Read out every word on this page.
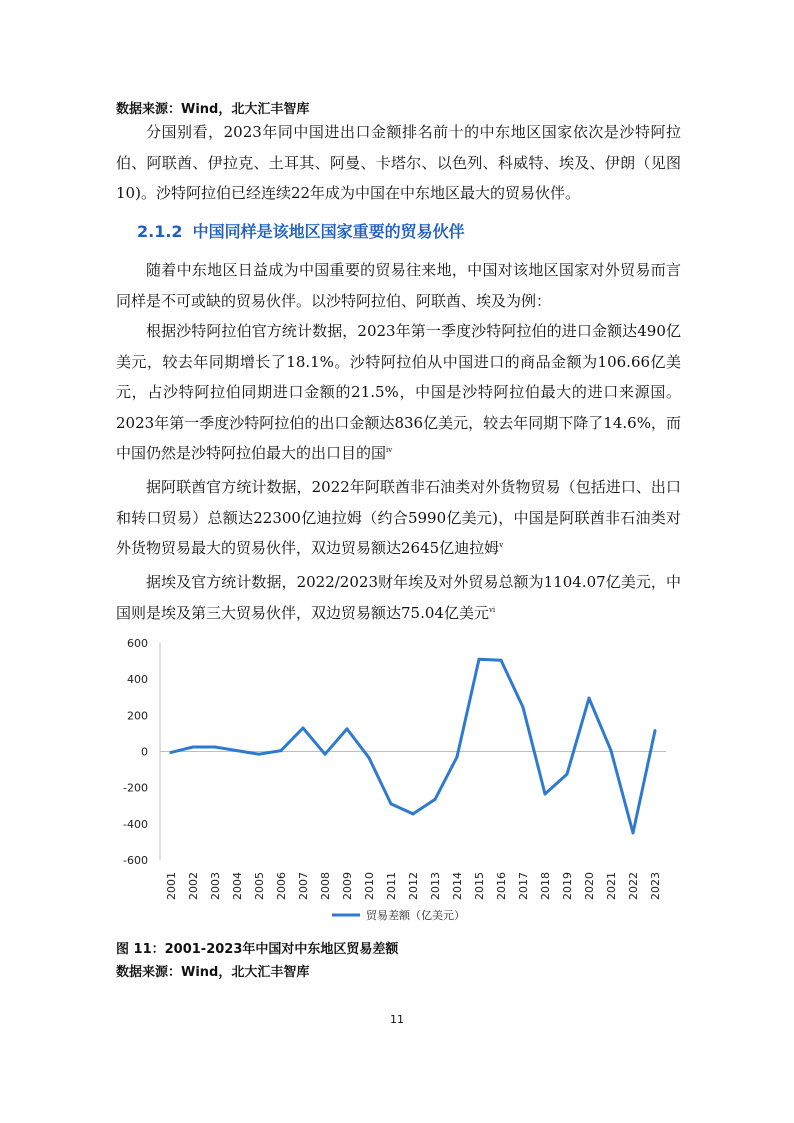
数据来源：Wind，北大汇丰智库

分国别看，2023年同中国进出口金额排名前十的中东地区国家依次是沙特阿拉伯、阿联酋、伊拉克、土耳其、阿曼、卡塔尔、以色列、科威特、埃及、伊朗（见图10)。沙特阿拉伯已经连续22年成为中国在中东地区最大的贸易伙伴。

2.1.2 中国同样是该地区国家重要的贸易伙伴

随着中东地区日益成为中国重要的贸易往来地，中国对该地区国家对外贸易而言同样是不可或缺的贸易伙伴。以沙特阿拉伯、阿联酋、埃及为例：

根据沙特阿拉伯官方统计数据，2023年第一季度沙特阿拉伯的进口金额达490亿美元，较去年同期增长了18.1%。沙特阿拉伯从中国进口的商品金额为106.66亿美元，占沙特阿拉伯同期进口金额的21.5%，中国是沙特阿拉伯最大的进口来源国。2023年第一季度沙特阿拉伯的出口金额达836亿美元，较去年同期下降了14.6%，而中国仍然是沙特阿拉伯最大的出口目的国$^{iv}$

据阿联酋官方统计数据，2022年阿联酋非石油类对外货物贸易（包括进口、出口和转口贸易）总额达22300亿迪拉姆（约合5990亿美元)，中国是阿联酋非石油类对外货物贸易最大的贸易伙伴，双边贸易额达2645亿迪拉姆$^v$

据埃及官方统计数据，2022/2023财年埃及对外贸易总额为1104.07亿美元，中国则是埃及第三大贸易伙伴，双边贸易额达75.04亿美元$^{vi}$

600
400
200
0
-200
-400
-600
2001 2002 2003 2004 2005 2006 2007 2008 2009 2010 2011 2012 2013 2014 2015 2016 2017 2018 2019 2020 2021 2022 2023
贸易差额（亿美元）
图 11：2001-2023年中国对中东地区贸易差额
数据来源：Wind，北大汇丰智库
11
